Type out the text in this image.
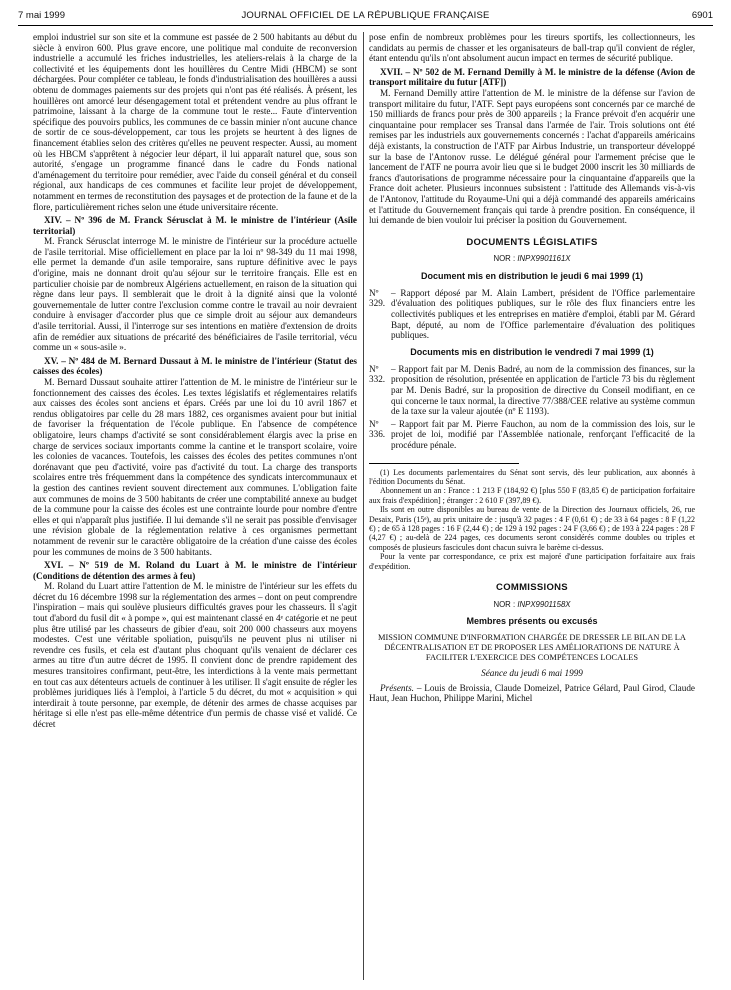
7 mai 1999	JOURNAL OFFICIEL DE LA RÉPUBLIQUE FRANÇAISE	6901

emploi industriel sur son site et la commune est passée de 2 500 habitants au début du siècle à environ 600. Plus grave encore, une politique mal conduite de reconversion industrielle a accumulé les friches industrielles, les ateliers-relais à la charge de la collectivité et les équipements dont les houillères du Centre Midi (HBCM) se sont déchargées. Pour compléter ce tableau, le fonds d'industrialisation des houillères a aussi obtenu de dommages paiements sur des projets qui n'ont pas été réalisés. À présent, les houillères ont amorcé leur désengagement total et prétendent vendre au plus offrant le patrimoine, laissant à la charge de la commune tout le reste... Faute d'intervention spécifique des pouvoirs publics, les communes de ce bassin minier n'ont aucune chance de sortir de ce sous-développement, car tous les projets se heurtent à des lignes de financement établies selon des critères qu'elles ne peuvent respecter. Aussi, au moment où les HBCM s'apprêtent à négocier leur départ, il lui apparaît naturel que, sous son autorité, s'engage un programme financé dans le cadre du Fonds national d'aménagement du territoire pour remédier, avec l'aide du conseil général et du conseil régional, aux handicaps de ces communes et facilite leur projet de développement, notamment en termes de reconstitution des paysages et de protection de la faune et de la flore, particulièrement riches selon une étude universitaire récente.

XIV. – Nº 396 de M. Franck Sérusclat à M. le ministre de l'intérieur (Asile territorial)

M. Franck Sérusclat interroge M. le ministre de l'intérieur sur la procédure actuelle de l'asile territorial. Mise officiellement en place par la loi nº 98-349 du 11 mai 1998, elle permet la demande d'un asile temporaire, sans rupture définitive avec le pays d'origine, mais ne donnant droit qu'au séjour sur le territoire français. Elle est en particulier choisie par de nombreux Algériens actuellement, en raison de la situation qui règne dans leur pays. Il semblerait que le droit à la dignité ainsi que la volonté gouvernementale de lutter contre l'exclusion comme contre le travail au noir devraient conduire à envisager d'accorder plus que ce simple droit au séjour aux demandeurs d'asile territorial. Aussi, il l'interroge sur ses intentions en matière d'extension de droits afin de remédier aux situations de précarité des bénéficiaires de l'asile territorial, vécu comme un « sous-asile ».

XV. – Nº 484 de M. Bernard Dussaut à M. le ministre de l'intérieur (Statut des caisses des écoles)

M. Bernard Dussaut souhaite attirer l'attention de M. le ministre de l'intérieur sur le fonctionnement des caisses des écoles. Les textes législatifs et réglementaires relatifs aux caisses des écoles sont anciens et épars. Créés par une loi du 10 avril 1867 et rendus obligatoires par celle du 28 mars 1882, ces organismes avaient pour but initial de favoriser la fréquentation de l'école publique. En l'absence de compétence obligatoire, leurs champs d'activité se sont considérablement élargis avec la prise en charge de services sociaux importants comme la cantine et le transport scolaire, voire les colonies de vacances. Toutefois, les caisses des écoles des petites communes n'ont dorénavant que peu d'activité, voire pas d'activité du tout. La charge des transports scolaires entre très fréquemment dans la compétence des syndicats intercommunaux et la gestion des cantines revient souvent directement aux communes. L'obligation faite aux communes de moins de 3 500 habitants de créer une comptabilité annexe au budget de la commune pour la caisse des écoles est une contrainte lourde pour nombre d'entre elles et qui n'apparaît plus justifiée. Il lui demande s'il ne serait pas possible d'envisager une révision globale de la réglementation relative à ces organismes permettant notamment de revenir sur le caractère obligatoire de la création d'une caisse des écoles pour les communes de moins de 3 500 habitants.

XVI. – Nº 519 de M. Roland du Luart à M. le ministre de l'intérieur (Conditions de détention des armes à feu)

M. Roland du Luart attire l'attention de M. le ministre de l'intérieur sur les effets du décret du 16 décembre 1998 sur la réglementation des armes – dont on peut comprendre l'inspiration – mais qui soulève plusieurs difficultés graves pour les chasseurs. Il s'agit tout d'abord du fusil dit « à pompe », qui est maintenant classé en 4ᵉ catégorie et ne peut plus être utilisé par les chasseurs de gibier d'eau, soit 200 000 chasseurs aux moyens modestes. C'est une véritable spoliation, puisqu'ils ne peuvent plus ni utiliser ni revendre ces fusils, et cela est d'autant plus choquant qu'ils venaient de déclarer ces armes au titre d'un autre décret de 1995. Il convient donc de prendre rapidement des mesures transitoires confirmant, peut-être, les interdictions à la vente mais permettant en tout cas aux détenteurs actuels de continuer à les utiliser. Il s'agit ensuite de régler les problèmes juridiques liés à l'emploi, à l'article 5 du décret, du mot « acquisition » qui interdirait à toute personne, par exemple, de détenir des armes de chasse acquises par héritage si elle n'est pas elle-même détentrice d'un permis de chasse visé et validé. Ce décret

pose enfin de nombreux problèmes pour les tireurs sportifs, les collectionneurs, les candidats au permis de chasser et les organisateurs de ball-trap qu'il convient de régler, étant entendu qu'ils n'ont absolument aucun impact en termes de sécurité publique.

XVII. – Nº 502 de M. Fernand Demilly à M. le ministre de la défense (Avion de transport militaire du futur [ATF])

M. Fernand Demilly attire l'attention de M. le ministre de la défense sur l'avion de transport militaire du futur, l'ATF. Sept pays européens sont concernés par ce marché de 150 milliards de francs pour près de 300 appareils ; la France prévoit d'en acquérir une cinquantaine pour remplacer ses Transal dans l'armée de l'air. Trois solutions ont été remises par les industriels aux gouvernements concernés : l'achat d'appareils américains déjà existants, la construction de l'ATF par Airbus Industrie, un transporteur développé sur la base de l'Antonov russe. Le délégué général pour l'armement précise que le lancement de l'ATF ne pourra avoir lieu que si le budget 2000 inscrit les 30 milliards de francs d'autorisations de programme nécessaire pour la cinquantaine d'appareils que la France doit acheter. Plusieurs inconnues subsistent : l'attitude des Allemands vis-à-vis de l'Antonov, l'attitude du Royaume-Uni qui a déjà commandé des appareils américains et l'attitude du Gouvernement français qui tarde à prendre position. En conséquence, il lui demande de bien vouloir lui préciser la position du Gouvernement.

DOCUMENTS LÉGISLATIFS
NOR : INPX9901161X
Document mis en distribution le jeudi 6 mai 1999 (1)
Nº 329.
– Rapport déposé par M. Alain Lambert, président de l'Office parlementaire d'évaluation des politiques publiques, sur le rôle des flux financiers entre les collectivités publiques et les entreprises en matière d'emploi, établi par M. Gérard Bapt, député, au nom de l'Office parlementaire d'évaluation des politiques publiques.
Documents mis en distribution le vendredi 7 mai 1999 (1)
Nº 332.
– Rapport fait par M. Denis Badré, au nom de la commission des finances, sur la proposition de résolution, présentée en application de l'article 73 bis du règlement par M. Denis Badré, sur la proposition de directive du Conseil modifiant, en ce qui concerne le taux normal, la directive 77/388/CEE relative au système commun de la taxe sur la valeur ajoutée (nº E 1193).
Nº 336.
– Rapport fait par M. Pierre Fauchon, au nom de la commission des lois, sur le projet de loi, modifié par l'Assemblée nationale, renforçant l'efficacité de la procédure pénale.

(1) Les documents parlementaires du Sénat sont servis, dès leur publication, aux abonnés à l'édition Documents du Sénat.

Abonnement un an : France : 1 213 F (184,92 €) [plus 550 F (83,85 €) de participation forfaitaire aux frais d'expédition] ; étranger : 2 610 F (397,89 €).

Ils sont en outre disponibles au bureau de vente de la Direction des Journaux officiels, 26, rue Desaix, Paris (15ᵉ), au prix unitaire de : jusqu'à 32 pages : 4 F (0,61 €) ; de 33 à 64 pages : 8 F (1,22 €) ; de 65 à 128 pages : 16 F (2,44 €) ; de 129 à 192 pages : 24 F (3,66 €) ; de 193 à 224 pages : 28 F (4,27 €) ; au-delà de 224 pages, ces documents seront considérés comme doubles ou triples et composés de plusieurs fascicules dont chacun suivra le barème ci-dessus.

Pour la vente par correspondance, ce prix est majoré d'une participation forfaitaire aux frais d'expédition.

COMMISSIONS
NOR : INPX9901158X
Membres présents ou excusés
MISSION COMMUNE D'INFORMATION CHARGÉE DE DRESSER LE BILAN DE LA DÉCENTRALISATION ET DE PROPOSER LES AMÉLIORATIONS DE NATURE À FACILITER L'EXERCICE DES COMPÉTENCES LOCALES
Séance du jeudi 6 mai 1999

Présents. – Louis de Broissia, Claude Domeizel, Patrice Gélard, Paul Girod, Claude Haut, Jean Huchon, Philippe Marini, Michel
